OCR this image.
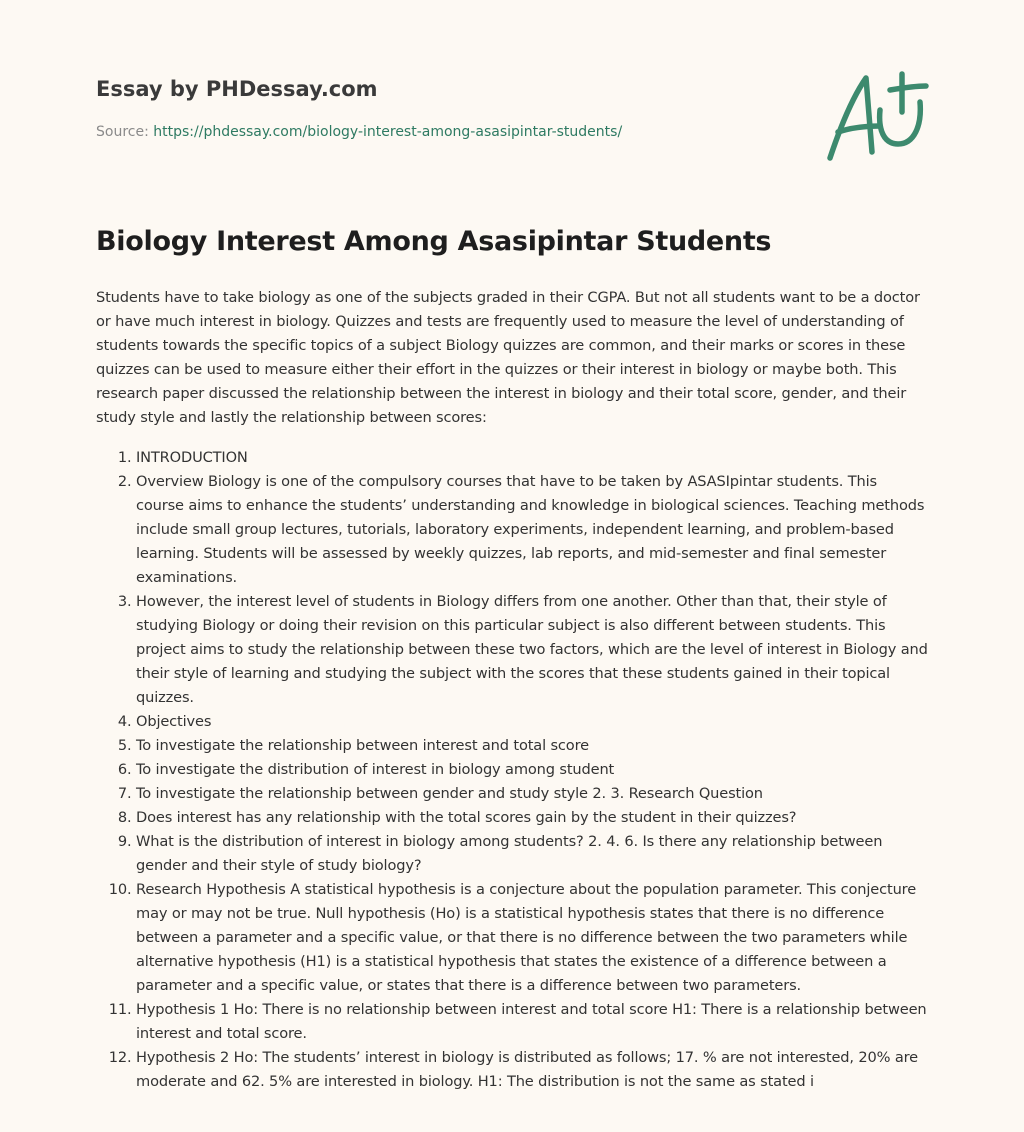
Essay by PHDessay.com
Source: https://phdessay.com/biology-interest-among-asasipintar-students/
Biology Interest Among Asasipintar Students

Students have to take biology as one of the subjects graded in their CGPA. But not all students want to be a doctor or have much interest in biology. Quizzes and tests are frequently used to measure the level of understanding of students towards the specific topics of a subject Biology quizzes are common, and their marks or scores in these quizzes can be used to measure either their effort in the quizzes or their interest in biology or maybe both. This research paper discussed the relationship between the interest in biology and their total score, gender, and their study style and lastly the relationship between scores:

1. INTRODUCTION
2. Overview Biology is one of the compulsory courses that have to be taken by ASASIpintar students. This course aims to enhance the students’ understanding and knowledge in biological sciences. Teaching methods include small group lectures, tutorials, laboratory experiments, independent learning, and problem-based learning. Students will be assessed by weekly quizzes, lab reports, and mid-semester and final semester examinations.
3. However, the interest level of students in Biology differs from one another. Other than that, their style of studying Biology or doing their revision on this particular subject is also different between students. This project aims to study the relationship between these two factors, which are the level of interest in Biology and their style of learning and studying the subject with the scores that these students gained in their topical quizzes.
4. Objectives
5. To investigate the relationship between interest and total score
6. To investigate the distribution of interest in biology among student
7. To investigate the relationship between gender and study style 2. 3. Research Question
8. Does interest has any relationship with the total scores gain by the student in their quizzes?
9. What is the distribution of interest in biology among students? 2. 4. 6. Is there any relationship between gender and their style of study biology?
10. Research Hypothesis A statistical hypothesis is a conjecture about the population parameter. This conjecture may or may not be true. Null hypothesis (Ho) is a statistical hypothesis states that there is no difference between a parameter and a specific value, or that there is no difference between the two parameters while alternative hypothesis (H1) is a statistical hypothesis that states the existence of a difference between a parameter and a specific value, or states that there is a difference between two parameters.
11. Hypothesis 1 Ho: There is no relationship between interest and total score H1: There is a relationship between interest and total score.
12. Hypothesis 2 Ho: The students’ interest in biology is distributed as follows; 17. % are not interested, 20% are moderate and 62. 5% are interested in biology. H1: The distribution is not the same as stated i
